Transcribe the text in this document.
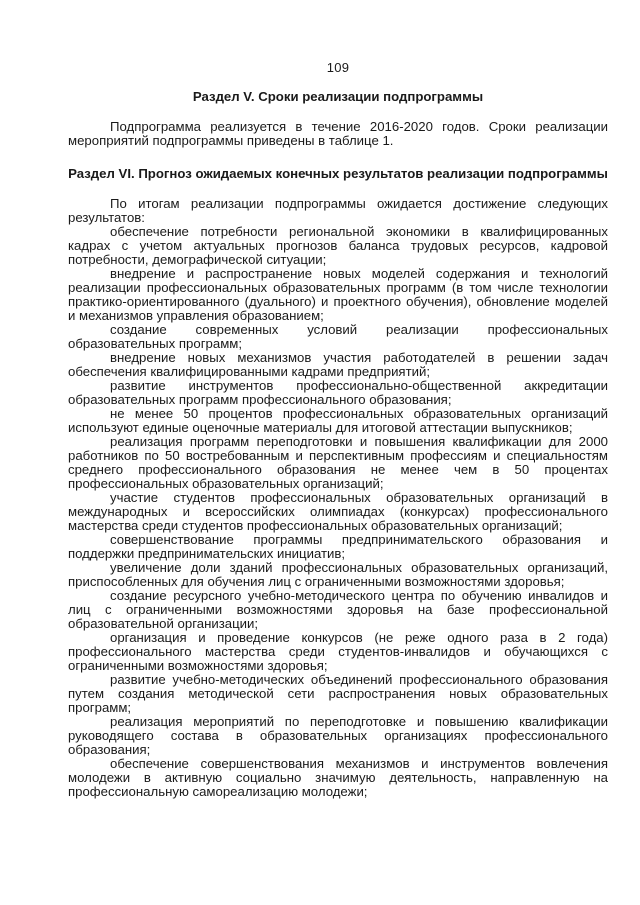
109
Раздел V. Сроки реализации подпрограммы

Подпрограмма реализуется в течение 2016-2020 годов. Сроки реализации мероприятий подпрограммы приведены в таблице 1.

Раздел VI. Прогноз ожидаемых конечных результатов реализации подпрограммы

По итогам реализации подпрограммы ожидается достижение следующих результатов:

обеспечение потребности региональной экономики в квалифицированных кадрах с учетом актуальных прогнозов баланса трудовых ресурсов, кадровой потребности, демографической ситуации;

внедрение и распространение новых моделей содержания и технологий реализации профессиональных образовательных программ (в том числе технологии практико-ориентированного (дуального) и проектного обучения), обновление моделей и механизмов управления образованием;

создание современных условий реализации профессиональных образовательных программ;

внедрение новых механизмов участия работодателей в решении задач обеспечения квалифицированными кадрами предприятий;

развитие инструментов профессионально-общественной аккредитации образовательных программ профессионального образования;

не менее 50 процентов профессиональных образовательных организаций используют единые оценочные материалы для итоговой аттестации выпускников;

реализация программ переподготовки и повышения квалификации для 2000 работников по 50 востребованным и перспективным профессиям и специальностям среднего профессионального образования не менее чем в 50 процентах профессиональных образовательных организаций;

участие студентов профессиональных образовательных организаций в международных и всероссийских олимпиадах (конкурсах) профессионального мастерства среди студентов профессиональных образовательных организаций;

совершенствование программы предпринимательского образования и поддержки предпринимательских инициатив;

увеличение доли зданий профессиональных образовательных организаций, приспособленных для обучения лиц с ограниченными возможностями здоровья;

создание ресурсного учебно-методического центра по обучению инвалидов и лиц с ограниченными возможностями здоровья на базе профессиональной образовательной организации;

организация и проведение конкурсов (не реже одного раза в 2 года) профессионального мастерства среди студентов-инвалидов и обучающихся с ограниченными возможностями здоровья;

развитие учебно-методических объединений профессионального образования путем создания методической сети распространения новых образовательных программ;

реализация мероприятий по переподготовке и повышению квалификации руководящего состава в образовательных организациях профессионального образования;

обеспечение совершенствования механизмов и инструментов вовлечения молодежи в активную социально значимую деятельность, направленную на профессиональную самореализацию молодежи;
